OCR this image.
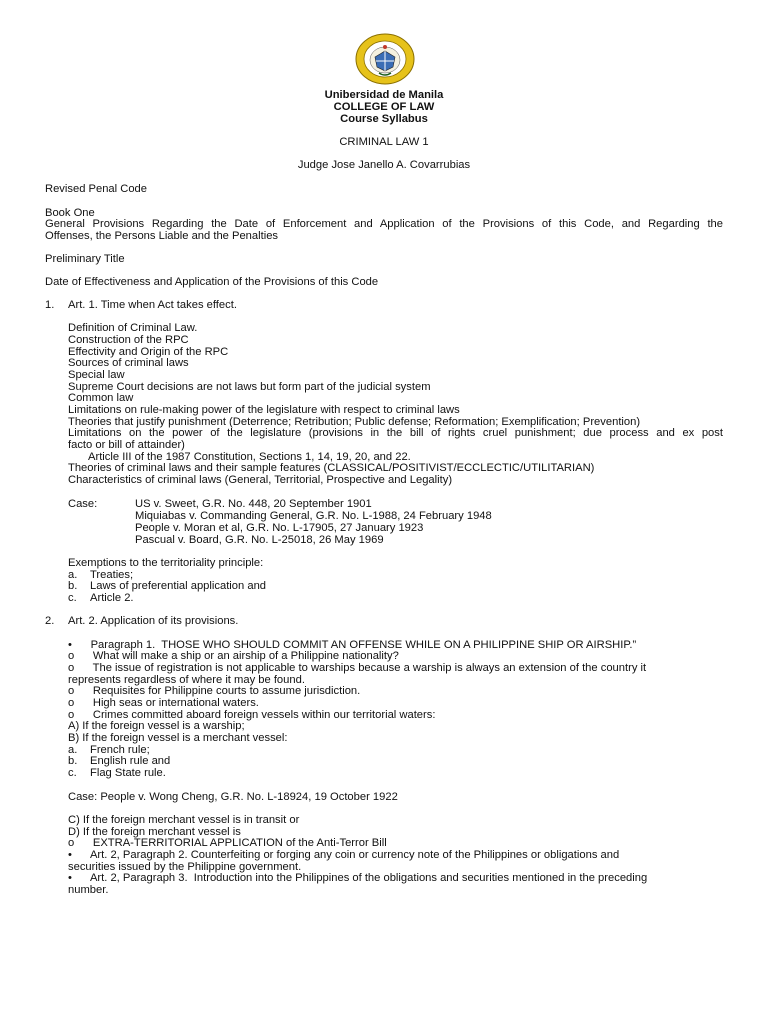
Unibersidad de Manila
COLLEGE OF LAW
Course Syllabus
CRIMINAL LAW 1
Judge Jose Janello A. Covarrubias
Revised Penal Code
Book One
General Provisions Regarding the Date of Enforcement and Application of the Provisions of this Code, and Regarding the
Offenses, the Persons Liable and the Penalties
Preliminary Title
Date of Effectiveness and Application of the Provisions of this Code
1. Art. 1. Time when Act takes effect.
Definition of Criminal Law.
Construction of the RPC
Effectivity and Origin of the RPC
Sources of criminal laws
Special law
Supreme Court decisions are not laws but form part of the judicial system
Common law
Limitations on rule-making power of the legislature with respect to criminal laws
Theories that justify punishment (Deterrence; Retribution; Public defense; Reformation; Exemplification; Prevention)
Limitations on the power of the legislature (provisions in the bill of rights cruel punishment; due process and ex post
facto or bill of attainder)
Article III of the 1987 Constitution, Sections 1, 14, 19, 20, and 22.
Theories of criminal laws and their sample features (CLASSICAL/POSITIVIST/ECCLECTIC/UTILITARIAN)
Characteristics of criminal laws (General, Territorial, Prospective and Legality)
Case:	US v. Sweet, G.R. No. 448, 20 September 1901
Miquiabas v. Commanding General, G.R. No. L-1988, 24 February 1948
People v. Moran et al, G.R. No. L-17905, 27 January 1923
Pascual v. Board, G.R. No. L-25018, 26 May 1969
Exemptions to the territoriality principle:
a. Treaties;
b. Laws of preferential application and
c. Article 2.
2. Art. 2. Application of its provisions.
•      Paragraph 1.  THOSE WHO SHOULD COMMIT AN OFFENSE WHILE ON A PHILIPPINE SHIP OR AIRSHIP.”
o      What will make a ship or an airship of a Philippine nationality?
o      The issue of registration is not applicable to warships because a warship is always an extension of the country it
represents regardless of where it may be found.
o      Requisites for Philippine courts to assume jurisdiction.
o      High seas or international waters.
o      Crimes committed aboard foreign vessels within our territorial waters:
A) If the foreign vessel is a warship;
B) If the foreign vessel is a merchant vessel:
a. French rule;
b. English rule and
c. Flag State rule.
Case: People v. Wong Cheng, G.R. No. L-18924, 19 October 1922
C) If the foreign merchant vessel is in transit or
D) If the foreign merchant vessel is
o      EXTRA-TERRITORIAL APPLICATION of the Anti-Terror Bill
•      Art. 2, Paragraph 2. Counterfeiting or forging any coin or currency note of the Philippines or obligations and
securities issued by the Philippine government.
•      Art. 2, Paragraph 3.  Introduction into the Philippines of the obligations and securities mentioned in the preceding
number.
